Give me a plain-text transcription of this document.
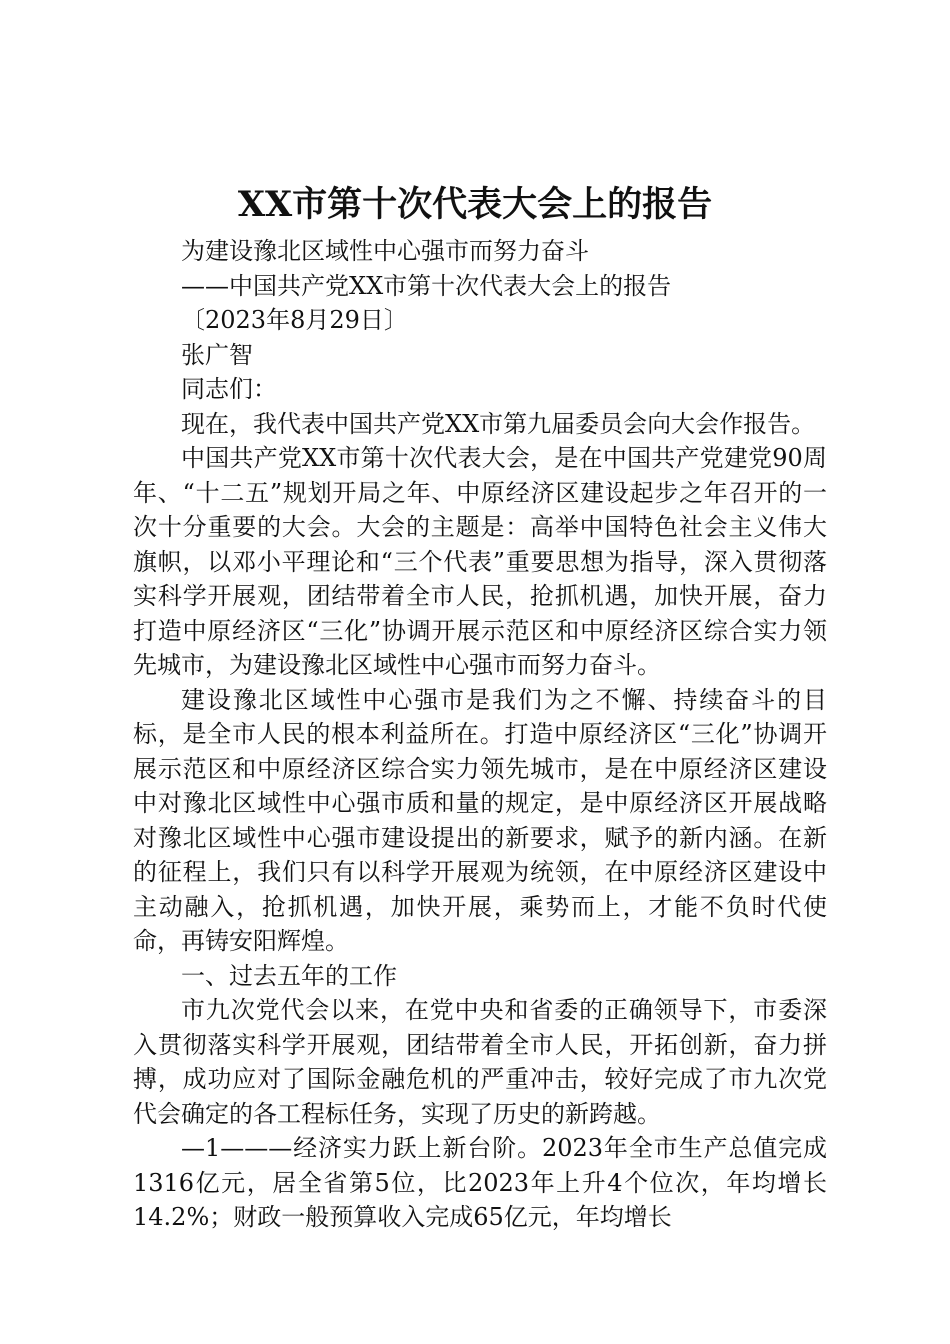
XX市第十次代表大会上的报告

为建设豫北区域性中心强市而努力奋斗

——中国共产党XX市第十次代表大会上的报告

〔2023年8月29日〕

张广智

同志们：

现在，我代表中国共产党XX市第九届委员会向大会作报告。

中国共产党XX市第十次代表大会，是在中国共产党建党90周年、“十二五”规划开局之年、中原经济区建设起步之年召开的一次十分重要的大会。大会的主题是：高举中国特色社会主义伟大旗帜，以邓小平理论和“三个代表”重要思想为指导，深入贯彻落实科学开展观，团结带着全市人民，抢抓机遇，加快开展，奋力打造中原经济区“三化”协调开展示范区和中原经济区综合实力领先城市，为建设豫北区域性中心强市而努力奋斗。

建设豫北区域性中心强市是我们为之不懈、持续奋斗的目标，是全市人民的根本利益所在。打造中原经济区“三化”协调开展示范区和中原经济区综合实力领先城市，是在中原经济区建设中对豫北区域性中心强市质和量的规定，是中原经济区开展战略对豫北区域性中心强市建设提出的新要求，赋予的新内涵。在新的征程上，我们只有以科学开展观为统领，在中原经济区建设中主动融入，抢抓机遇，加快开展，乘势而上，才能不负时代使命，再铸安阳辉煌。

一、过去五年的工作

市九次党代会以来，在党中央和省委的正确领导下，市委深入贯彻落实科学开展观，团结带着全市人民，开拓创新，奋力拼搏，成功应对了国际金融危机的严重冲击，较好完成了市九次党代会确定的各工程标任务，实现了历史的新跨越。

—1———经济实力跃上新台阶。2023年全市生产总值完成1316亿元，居全省第5位，比2023年上升4个位次，年均增长14.2%；财政一般预算收入完成65亿元，年均增长
